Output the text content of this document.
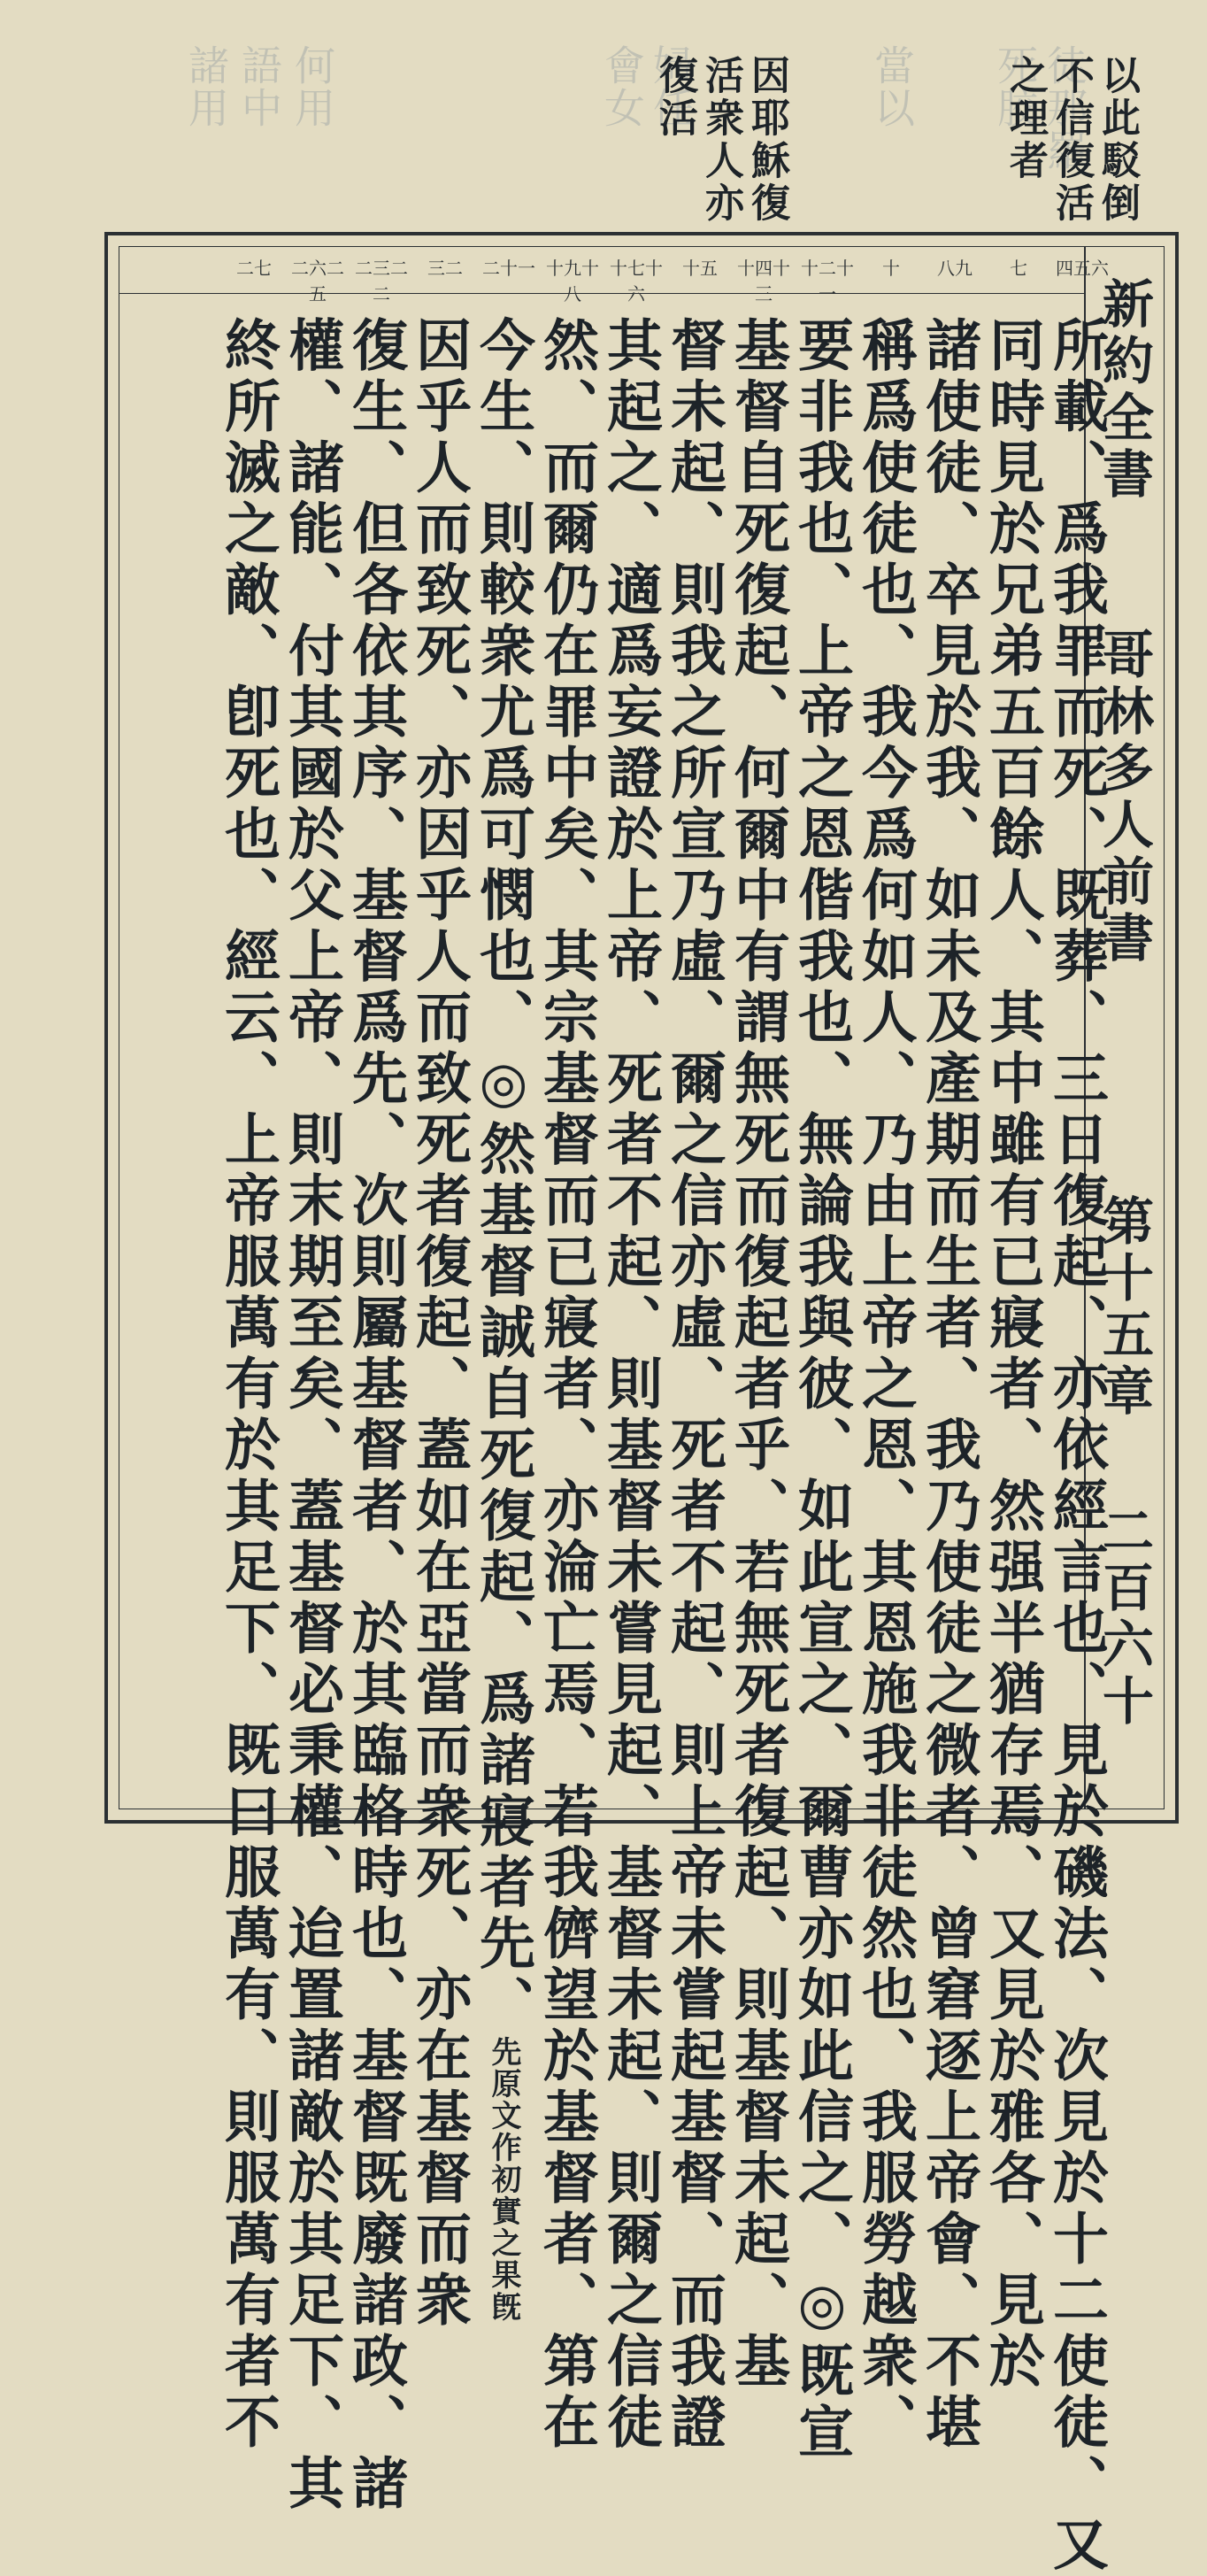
徒那羅
死胶
當以
婦任
會女
何用
語中
諸用	以此駁倒
不信復活
之理者
因耶穌復
活衆人亦
復活
新約全書
哥林多人前書
第十五章
二百六十
四五六
七
八九
十
十二十一
十四十三
十五
十七十六
十九十八
二十一
三二
二三二二
二六二五
二七
所載、爲我罪而死、既葬、三日復起、亦依經言也、見於磯法、次見於十二使徒、又
同時見於兄弟五百餘人、其中雖有已寢者、然强半猶存焉、又見於雅各、見於
諸使徒、卒見於我、如未及產期而生者、我乃使徒之微者、曾窘逐上帝會、不堪
稱爲使徒也、我今爲何如人、乃由上帝之恩、其恩施我非徒然也、我服勞越衆、
要非我也、上帝之恩偕我也、無論我與彼、如此宣之、爾曹亦如此信之、◎既宣
基督自死復起、何爾中有謂無死而復起者乎、若無死者復起、則基督未起、基
督未起、則我之所宣乃虛、爾之信亦虛、死者不起、則上帝未嘗起基督、而我證
其起之、適爲妄證於上帝、死者不起、則基督未嘗見起、基督未起、則爾之信徒
然、而爾仍在罪中矣、其宗基督而已寢者、亦淪亡焉、若我儕望於基督者、第在
今生、則較衆尤爲可憫也、◎然基督誠自死復起、爲諸寢者先、先原文作初實之果旣
因乎人而致死、亦因乎人而致死者復起、蓋如在亞當而衆死、亦在基督而衆
復生、但各依其序、基督爲先、次則屬基督者、於其臨格時也、基督既廢諸政、諸
權、諸能、付其國於父上帝、則末期至矣、蓋基督必秉權、迨置諸敵於其足下、其
終所滅之敵、卽死也、經云、上帝服萬有於其足下、既曰服萬有、則服萬有者不
